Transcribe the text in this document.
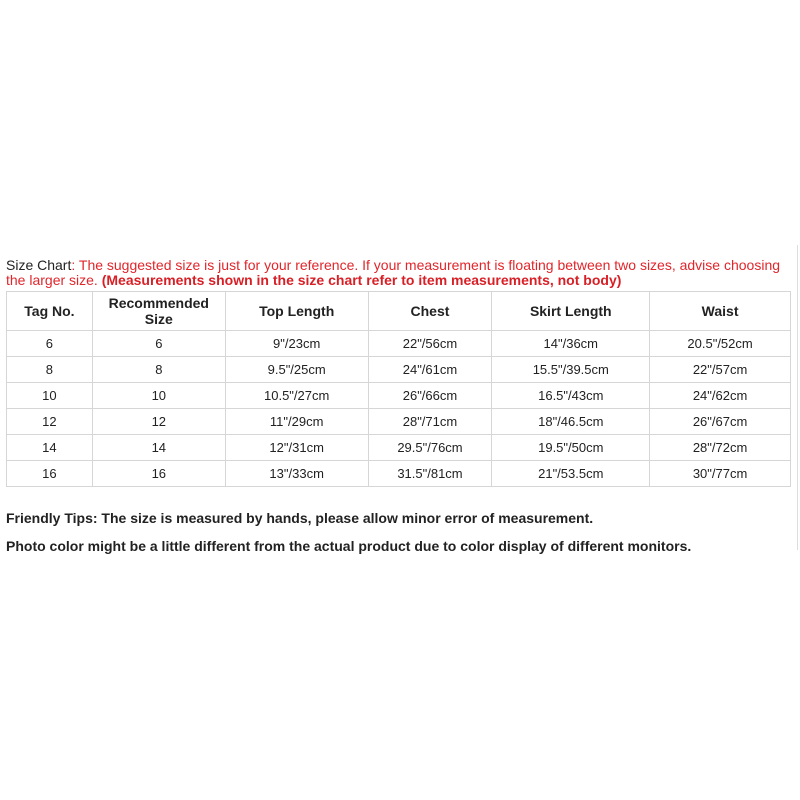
Size Chart: The suggested size is just for your reference. If your measurement is floating between two sizes, advise choosing the larger size. (Measurements shown in the size chart refer to item measurements, not body)
Tag No.	Recommended Size	Top Length	Chest	Skirt Length	Waist
6	6	9"/23cm	22"/56cm	14"/36cm	20.5"/52cm
8	8	9.5"/25cm	24"/61cm	15.5"/39.5cm	22"/57cm
10	10	10.5"/27cm	26"/66cm	16.5"/43cm	24"/62cm
12	12	11"/29cm	28"/71cm	18"/46.5cm	26"/67cm
14	14	12"/31cm	29.5"/76cm	19.5"/50cm	28"/72cm
16	16	13"/33cm	31.5"/81cm	21"/53.5cm	30"/77cm
Friendly Tips: The size is measured by hands, please allow minor error of measurement.
Photo color might be a little different from the actual product due to color display of different monitors.
